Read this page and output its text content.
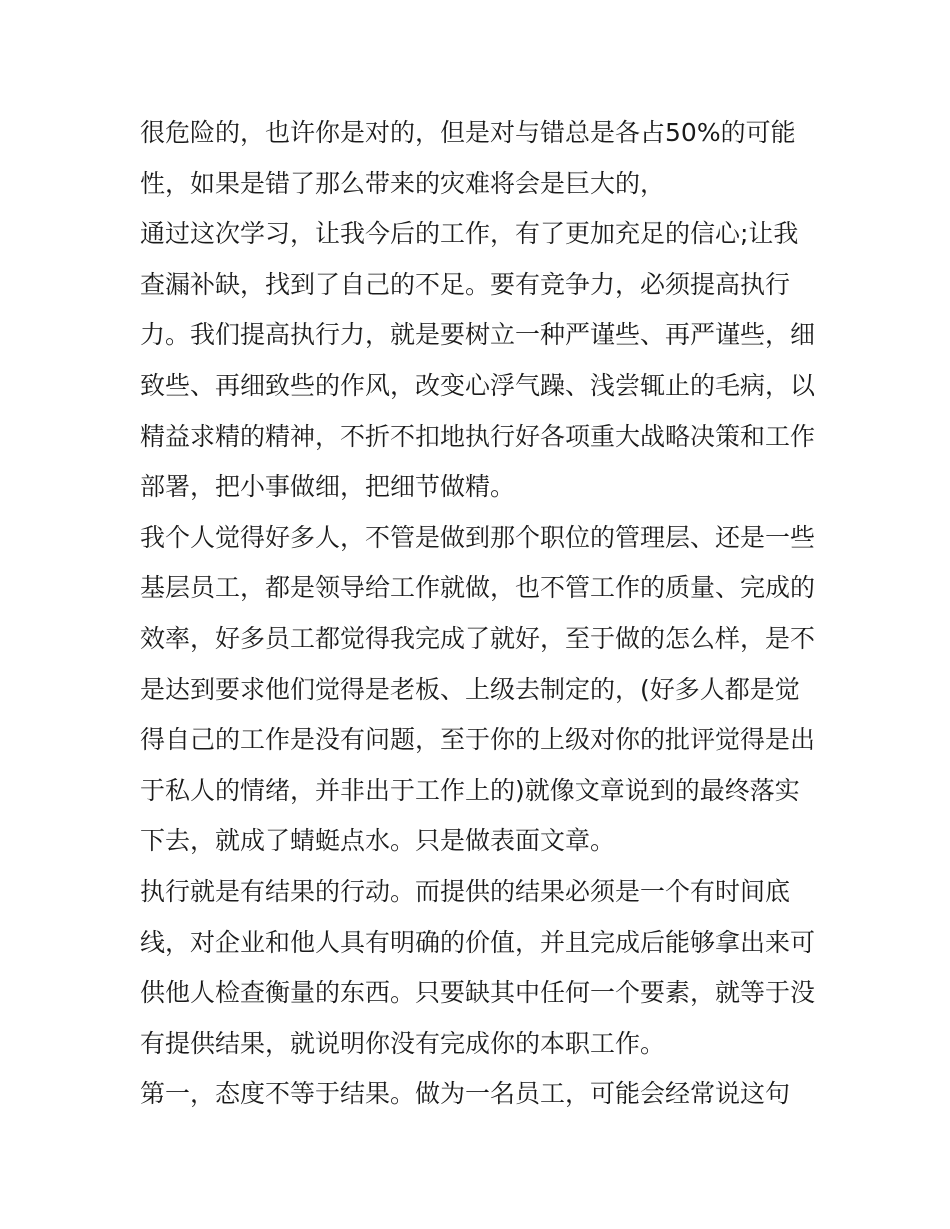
很危险的，也许你是对的，但是对与错总是各占50%的可能
性，如果是错了那么带来的灾难将会是巨大的，

通过这次学习，让我今后的工作，有了更加充足的信心;让我
查漏补缺，找到了自己的不足。要有竞争力，必须提高执行
力。我们提高执行力，就是要树立一种严谨些、再严谨些，细
致些、再细致些的作风，改变心浮气躁、浅尝辄止的毛病，以
精益求精的精神，不折不扣地执行好各项重大战略决策和工作
部署，把小事做细，把细节做精。

我个人觉得好多人，不管是做到那个职位的管理层、还是一些
基层员工，都是领导给工作就做，也不管工作的质量、完成的
效率，好多员工都觉得我完成了就好，至于做的怎么样，是不
是达到要求他们觉得是老板、上级去制定的，(好多人都是觉
得自己的工作是没有问题，至于你的上级对你的批评觉得是出
于私人的情绪，并非出于工作上的)就像文章说到的最终落实
下去，就成了蜻蜓点水。只是做表面文章。

执行就是有结果的行动。而提供的结果必须是一个有时间底
线，对企业和他人具有明确的价值，并且完成后能够拿出来可
供他人检查衡量的东西。只要缺其中任何一个要素，就等于没
有提供结果，就说明你没有完成你的本职工作。

第一，态度不等于结果。做为一名员工，可能会经常说这句
